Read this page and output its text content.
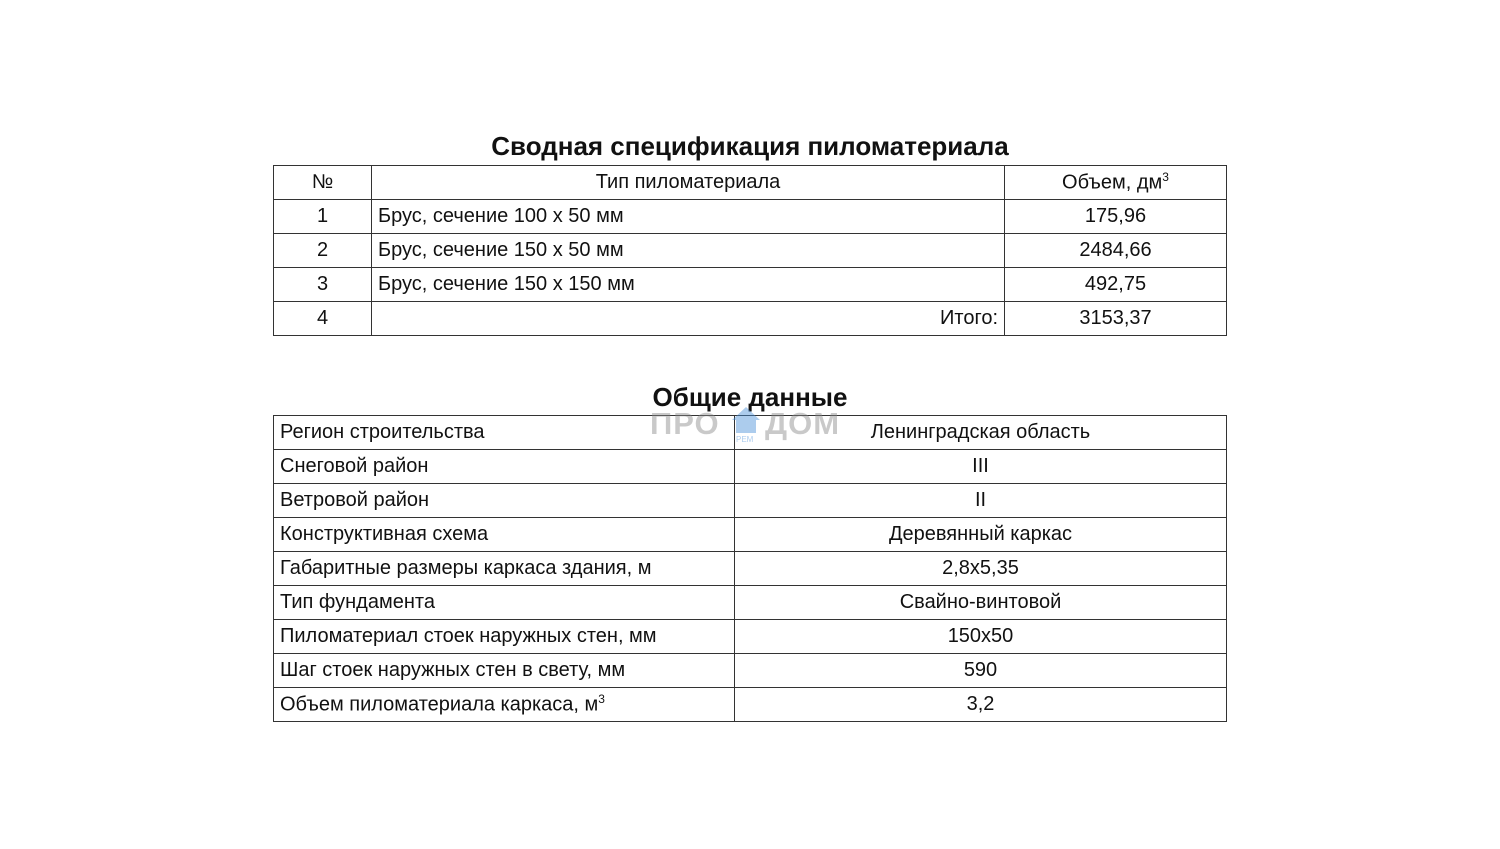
Сводная спецификация пиломатериала
№	Тип пиломатериала	Объем, $дм^3$
1	Брус, сечение 100 х 50 мм	175,96
2	Брус, сечение 150 х 50 мм	2484,66
3	Брус, сечение 150 х 150 мм	492,75
4	Итого:	3153,37
Общие данные
Регион строительства	Ленинградская область
Снеговой район	III
Ветровой район	II
Конструктивная схема	Деревянный каркас
Габаритные размеры каркаса здания, м	2,8х5,35
Тип фундамента	Свайно-винтовой
Пиломатериал стоек наружных стен, мм	150х50
Шаг стоек наружных стен в свету, мм	590
Объем пиломатериала каркаса, $м^3$	3,2
ПРО РЕМ ДОМ
